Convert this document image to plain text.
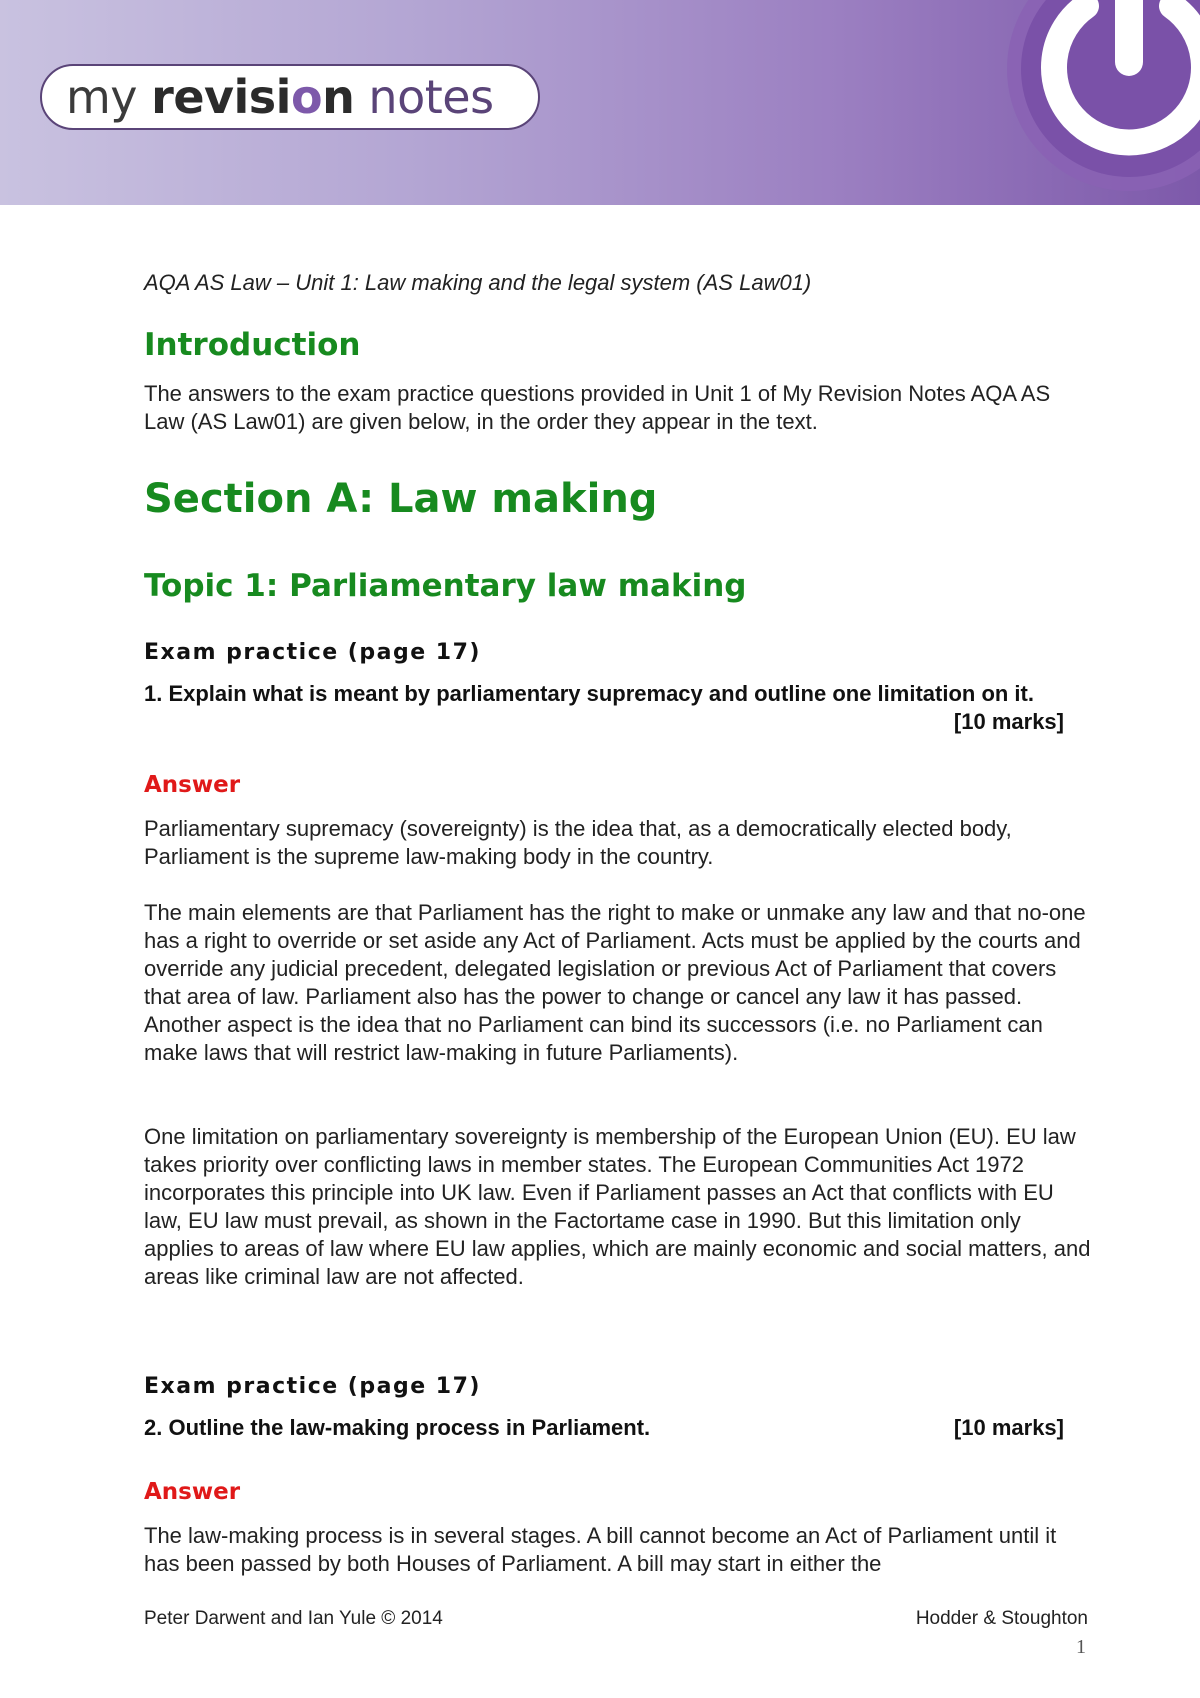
my revision notes
AQA AS Law – Unit 1: Law making and the legal system (AS Law01)
Introduction
The answers to the exam practice questions provided in Unit 1 of My Revision Notes AQA AS Law (AS Law01) are given below, in the order they appear in the text.
Section A: Law making
Topic 1: Parliamentary law making
Exam practice (page 17)
1. Explain what is meant by parliamentary supremacy and outline one limitation on it.
[10 marks]
Answer
Parliamentary supremacy (sovereignty) is the idea that, as a democratically elected body, Parliament is the supreme law-making body in the country.
The main elements are that Parliament has the right to make or unmake any law and that no-one has a right to override or set aside any Act of Parliament. Acts must be applied by the courts and override any judicial precedent, delegated legislation or previous Act of Parliament that covers that area of law. Parliament also has the power to change or cancel any law it has passed. Another aspect is the idea that no Parliament can bind its successors (i.e. no Parliament can make laws that will restrict law-making in future Parliaments).
One limitation on parliamentary sovereignty is membership of the European Union (EU). EU law takes priority over conflicting laws in member states. The European Communities Act 1972 incorporates this principle into UK law. Even if Parliament passes an Act that conflicts with EU law, EU law must prevail, as shown in the Factortame case in 1990. But this limitation only applies to areas of law where EU law applies, which are mainly economic and social matters, and areas like criminal law are not affected.
Exam practice (page 17)
2. Outline the law-making process in Parliament.	[10 marks]
Answer
The law-making process is in several stages. A bill cannot become an Act of Parliament until it has been passed by both Houses of Parliament. A bill may start in either the
Peter Darwent and Ian Yule © 2014	Hodder & Stoughton
1
